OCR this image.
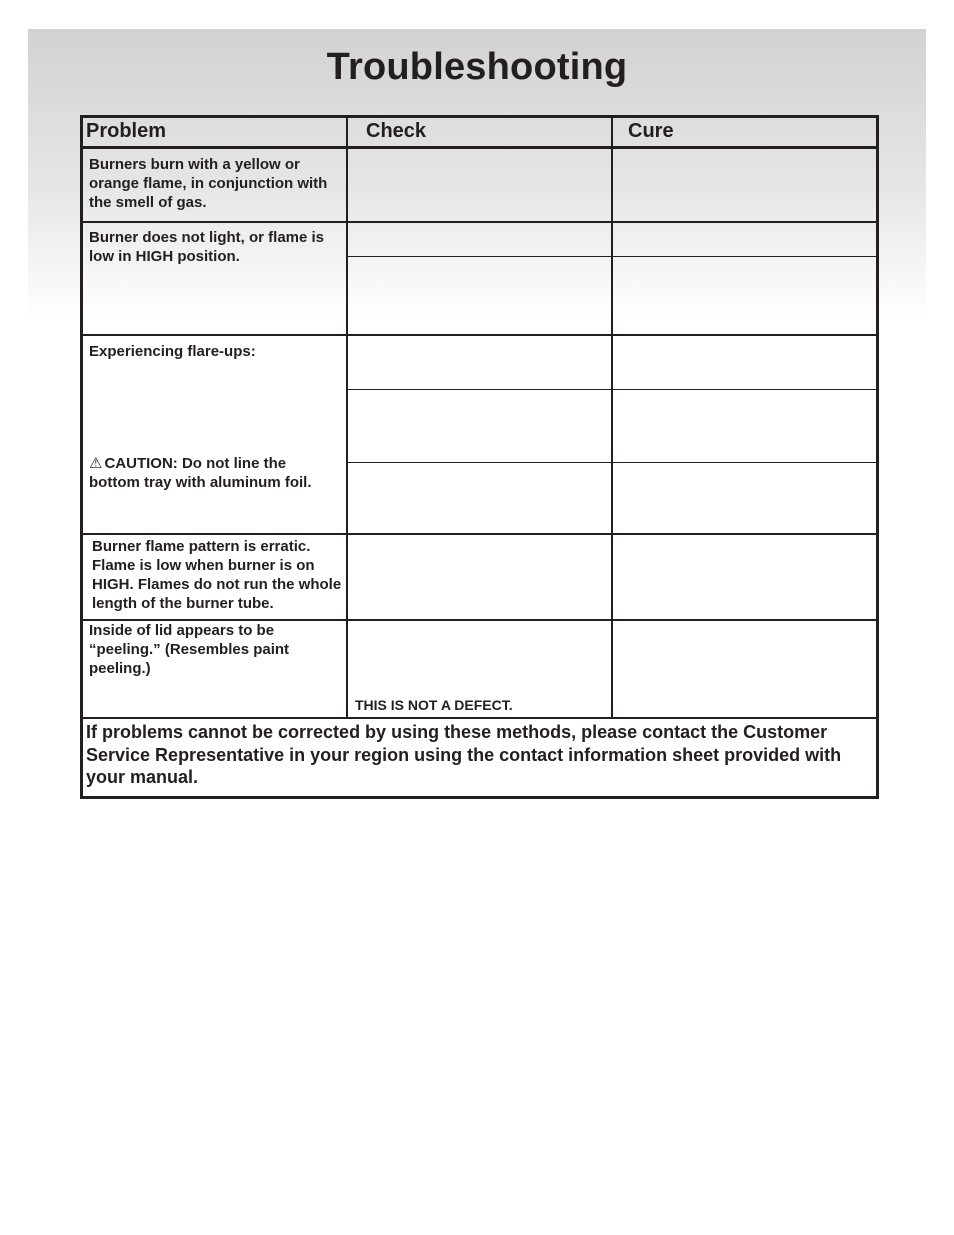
Troubleshooting
Problem	Check	Cure
Burners burn with a yellow or orange flame, in conjunction with the smell of gas.
Burner does not light, or flame is low in HIGH position.
Experiencing flare-ups:
⚠ CAUTION: Do not line the bottom tray with aluminum foil.
Burner flame pattern is erratic. Flame is low when burner is on HIGH. Flames do not run the whole length of the burner tube.
Inside of lid appears to be “peeling.” (Resembles paint peeling.)
THIS IS NOT A DEFECT.
If problems cannot be corrected by using these methods, please contact the Customer Service Representative in your region using the contact information sheet provided with your manual.
